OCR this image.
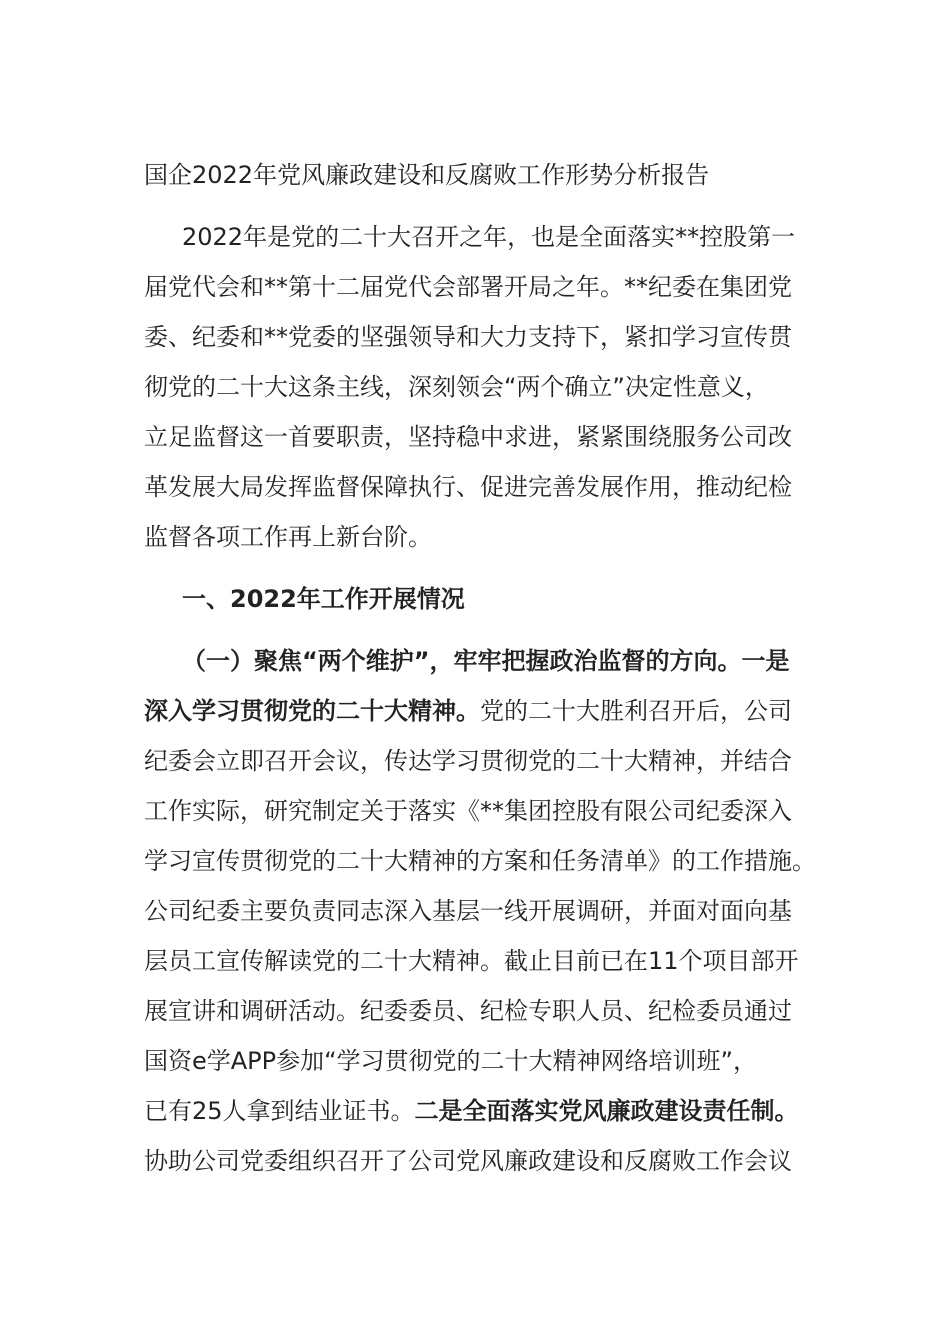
国企2022年党风廉政建设和反腐败工作形势分析报告
2022年是党的二十大召开之年，也是全面落实**控股第一
届党代会和**第十二届党代会部署开局之年。**纪委在集团党
委、纪委和**党委的坚强领导和大力支持下，紧扣学习宣传贯
彻党的二十大这条主线，深刻领会“两个确立”决定性意义，
立足监督这一首要职责，坚持稳中求进，紧紧围绕服务公司改
革发展大局发挥监督保障执行、促进完善发展作用，推动纪检
监督各项工作再上新台阶。
一、2022年工作开展情况
（一）聚焦“两个维护”，牢牢把握政治监督的方向。一是
深入学习贯彻党的二十大精神。党的二十大胜利召开后，公司
纪委会立即召开会议，传达学习贯彻党的二十大精神，并结合
工作实际，研究制定关于落实《**集团控股有限公司纪委深入
学习宣传贯彻党的二十大精神的方案和任务清单》的工作措施。
公司纪委主要负责同志深入基层一线开展调研，并面对面向基
层员工宣传解读党的二十大精神。截止目前已在11个项目部开
展宣讲和调研活动。纪委委员、纪检专职人员、纪检委员通过
国资e学APP参加“学习贯彻党的二十大精神网络培训班”，
已有25人拿到结业证书。二是全面落实党风廉政建设责任制。
协助公司党委组织召开了公司党风廉政建设和反腐败工作会议
